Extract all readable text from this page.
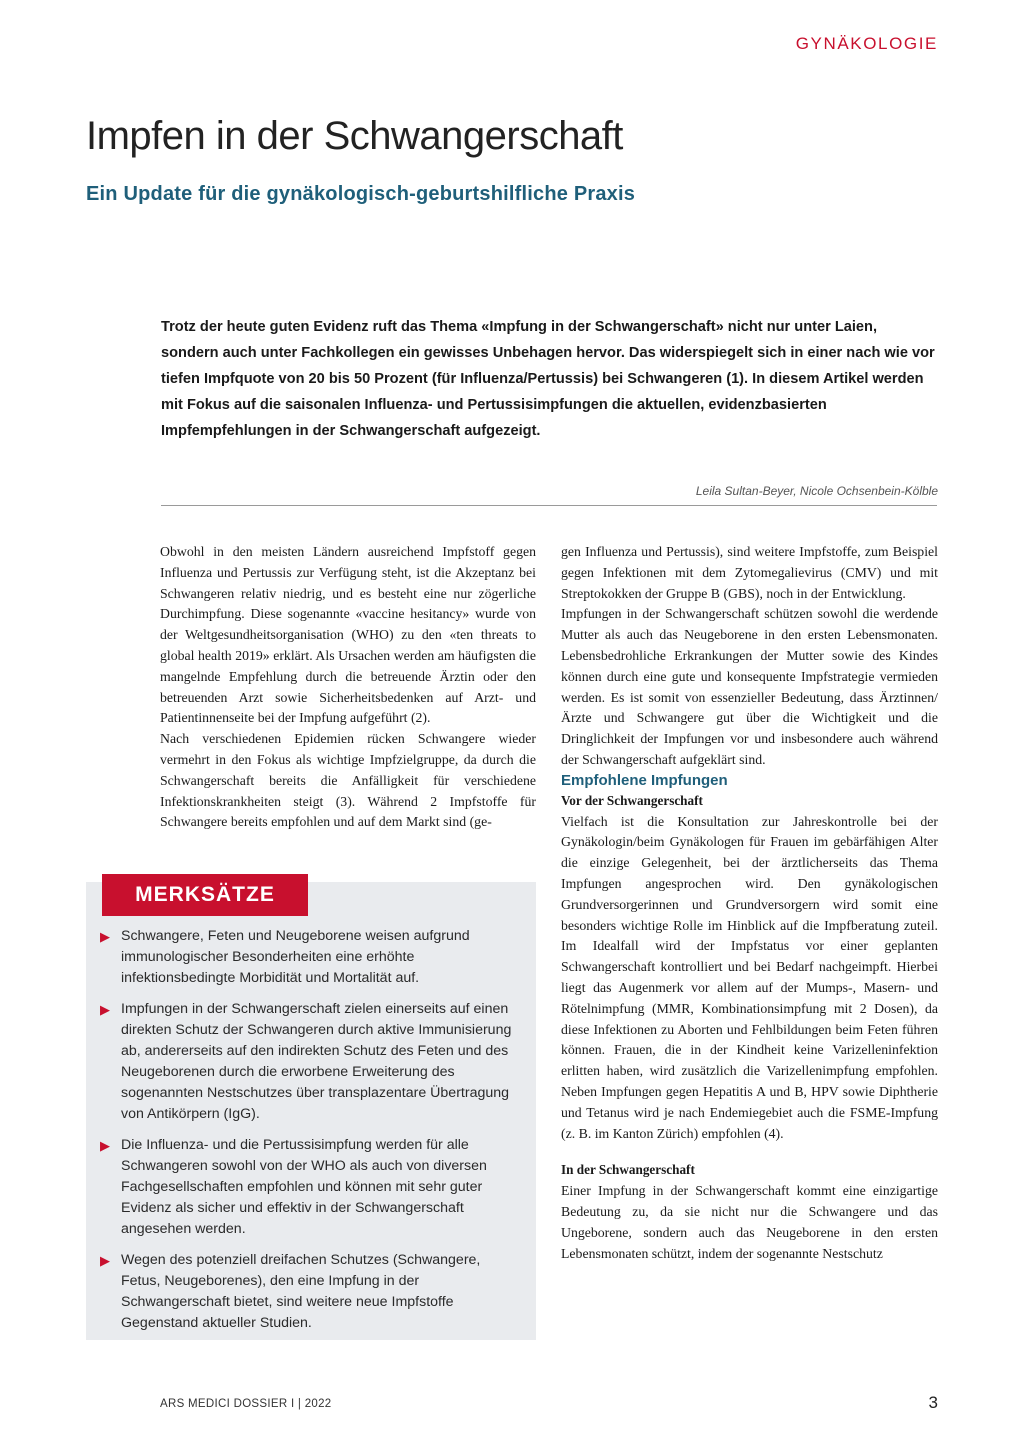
GYNÄKOLOGIE
Impfen in der Schwangerschaft
Ein Update für die gynäkologisch-geburtshilfliche Praxis

Trotz der heute guten Evidenz ruft das Thema «Impfung in der Schwangerschaft» nicht nur unter Laien, sondern auch unter Fachkollegen ein gewisses Unbehagen hervor. Das widerspiegelt sich in einer nach wie vor tiefen Impfquote von 20 bis 50 Prozent (für Influenza/Pertussis) bei Schwangeren (1). In diesem Artikel werden mit Fokus auf die saisonalen Influenza- und Pertussisimpfungen die aktuellen, evidenzbasierten Impfempfehlungen in der Schwangerschaft aufgezeigt.

Leila Sultan-Beyer, Nicole Ochsenbein-Kölble

Obwohl in den meisten Ländern ausreichend Impfstoff gegen Influenza und Pertussis zur Verfügung steht, ist die Akzeptanz bei Schwangeren relativ niedrig, und es besteht eine nur zögerliche Durchimpfung. Diese sogenannte «vaccine hesitancy» wurde von der Weltgesundheitsorganisation (WHO) zu den «ten threats to global health 2019» erklärt. Als Ursachen werden am häufigsten die mangelnde Empfehlung durch die betreuende Ärztin oder den betreuenden Arzt sowie Sicherheitsbedenken auf Arzt- und Patientinnenseite bei der Impfung aufgeführt (2).

Nach verschiedenen Epidemien rücken Schwangere wieder vermehrt in den Fokus als wichtige Impfzielgruppe, da durch die Schwangerschaft bereits die Anfälligkeit für verschiedene Infektionskrankheiten steigt (3). Während 2 Impfstoffe für Schwangere bereits empfohlen und auf dem Markt sind (ge-

gen Influenza und Pertussis), sind weitere Impfstoffe, zum Beispiel gegen Infektionen mit dem Zytomegalievirus (CMV) und mit Streptokokken der Gruppe B (GBS), noch in der Entwicklung.

Impfungen in der Schwangerschaft schützen sowohl die werdende Mutter als auch das Neugeborene in den ersten Lebensmonaten. Lebensbedrohliche Erkrankungen der Mutter sowie des Kindes können durch eine gute und konsequente Impfstrategie vermieden werden. Es ist somit von essenzieller Bedeutung, dass Ärztinnen/Ärzte und Schwangere gut über die Wichtigkeit und die Dringlichkeit der Impfungen vor und insbesondere auch während der Schwangerschaft aufgeklärt sind.

Empfohlene Impfungen

Vor der Schwangerschaft

Vielfach ist die Konsultation zur Jahreskontrolle bei der Gynäkologin/beim Gynäkologen für Frauen im gebärfähigen Alter die einzige Gelegenheit, bei der ärztlicherseits das Thema Impfungen angesprochen wird. Den gynäkologischen Grundversorgerinnen und Grundversorgern wird somit eine besonders wichtige Rolle im Hinblick auf die Impfberatung zuteil. Im Idealfall wird der Impfstatus vor einer geplanten Schwangerschaft kontrolliert und bei Bedarf nachgeimpft. Hierbei liegt das Augenmerk vor allem auf der Mumps-, Masern- und Rötelnimpfung (MMR, Kombinationsimpfung mit 2 Dosen), da diese Infektionen zu Aborten und Fehlbildungen beim Feten führen können. Frauen, die in der Kindheit keine Varizelleninfektion erlitten haben, wird zusätzlich die Varizellenimpfung empfohlen. Neben Impfungen gegen Hepatitis A und B, HPV sowie Diphtherie und Tetanus wird je nach Endemiegebiet auch die FSME-Impfung (z. B. im Kanton Zürich) empfohlen (4).

In der Schwangerschaft

Einer Impfung in der Schwangerschaft kommt eine einzigartige Bedeutung zu, da sie nicht nur die Schwangere und das Ungeborene, sondern auch das Neugeborene in den ersten Lebensmonaten schützt, indem der sogenannte Nestschutz

MERKSÄTZE
▶ Schwangere, Feten und Neugeborene weisen aufgrund immunologischer Besonderheiten eine erhöhte infektionsbedingte Morbidität und Mortalität auf.
▶ Impfungen in der Schwangerschaft zielen einerseits auf einen direkten Schutz der Schwangeren durch aktive Immunisierung ab, andererseits auf den indirekten Schutz des Feten und des Neugeborenen durch die erworbene Erweiterung des sogenannten Nestschutzes über transplazentare Übertragung von Antikörpern (IgG).
▶ Die Influenza- und die Pertussisimpfung werden für alle Schwangeren sowohl von der WHO als auch von diversen Fachgesellschaften empfohlen und können mit sehr guter Evidenz als sicher und effektiv in der Schwangerschaft angesehen werden.
▶ Wegen des potenziell dreifachen Schutzes (Schwangere, Fetus, Neugeborenes), den eine Impfung in der Schwangerschaft bietet, sind weitere neue Impfstoffe Gegenstand aktueller Studien.
ARS MEDICI DOSSIER I | 2022	3
